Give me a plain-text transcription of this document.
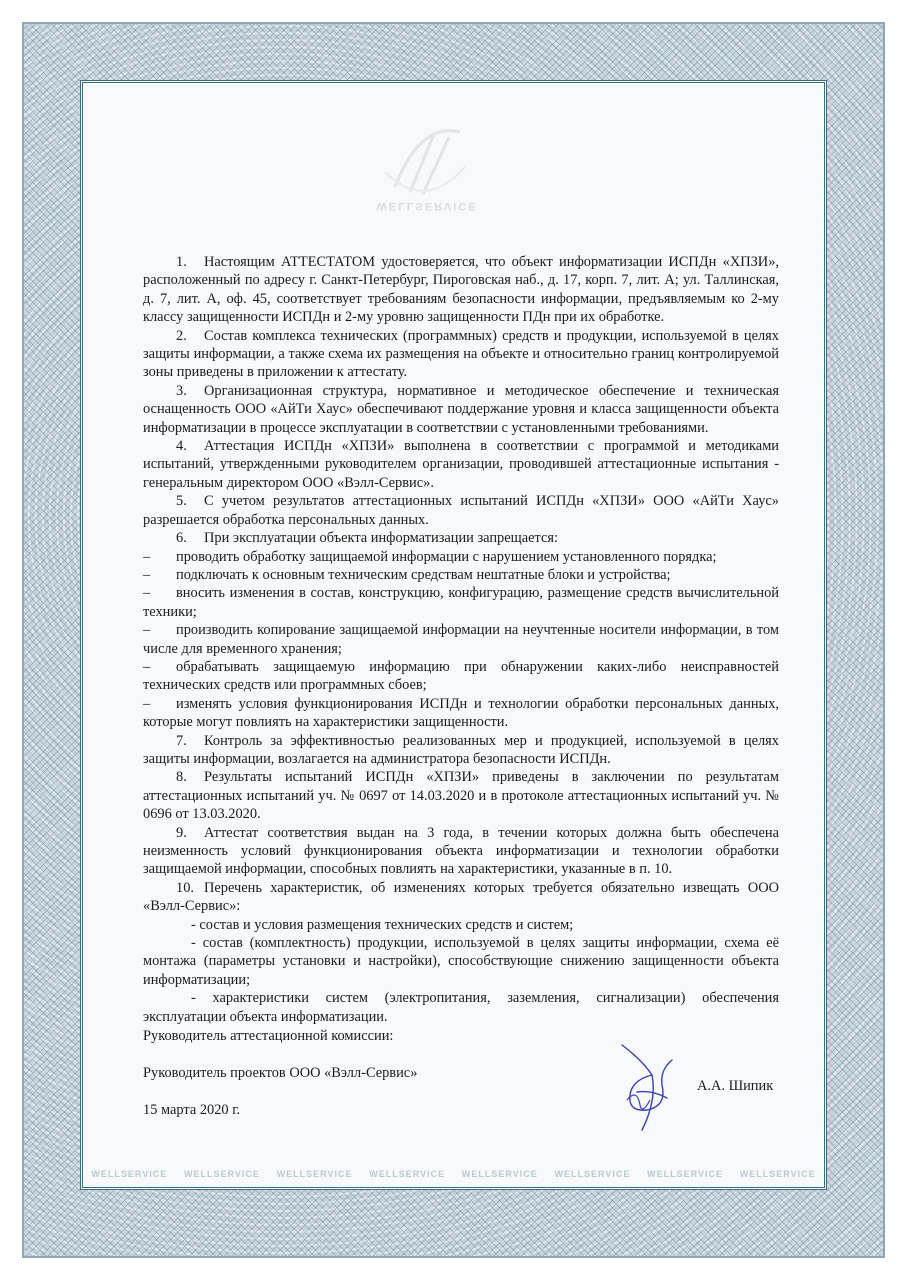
WELLSERVICE

1. Настоящим АТТЕСТАТОМ удостоверяется, что объект информатизации ИСПДн «ХПЗИ», расположенный по адресу г. Санкт-Петербург, Пироговская наб., д. 17, корп. 7, лит. А; ул. Таллинская, д. 7, лит. А, оф. 45, соответствует требованиям безопасности информации, предъявляемым ко 2-му классу защищенности ИСПДн и 2-му уровню защищенности ПДн при их обработке.

2. Состав комплекса технических (программных) средств и продукции, используемой в целях защиты информации, а также схема их размещения на объекте и относительно границ контролируемой зоны приведены в приложении к аттестату.

3. Организационная структура, нормативное и методическое обеспечение и техническая оснащенность ООО «АйТи Хаус» обеспечивают поддержание уровня и класса защищенности объекта информатизации в процессе эксплуатации в соответствии с установленными требованиями.

4. Аттестация ИСПДн «ХПЗИ» выполнена в соответствии с программой и методиками испытаний, утвержденными руководителем организации, проводившей аттестационные испытания - генеральным директором ООО «Вэлл-Сервис».

5. С учетом результатов аттестационных испытаний ИСПДн «ХПЗИ» ООО «АйТи Хаус» разрешается обработка персональных данных.

6. При эксплуатации объекта информатизации запрещается:

– проводить обработку защищаемой информации с нарушением установленного порядка;

– подключать к основным техническим средствам нештатные блоки и устройства;

– вносить изменения в состав, конструкцию, конфигурацию, размещение средств вычислительной техники;

– производить копирование защищаемой информации на неучтенные носители информации, в том числе для временного хранения;

– обрабатывать защищаемую информацию при обнаружении каких-либо неисправностей технических средств или программных сбоев;

– изменять условия функционирования ИСПДн и технологии обработки персональных данных, которые могут повлиять на характеристики защищенности.

7. Контроль за эффективностью реализованных мер и продукцией, используемой в целях защиты информации, возлагается на администратора безопасности ИСПДн.

8. Результаты испытаний ИСПДн «ХПЗИ» приведены в заключении по результатам аттестационных испытаний уч. № 0697 от 14.03.2020 и в протоколе аттестационных испытаний уч. № 0696 от 13.03.2020.

9. Аттестат соответствия выдан на 3 года, в течении которых должна быть обеспечена неизменность условий функционирования объекта информатизации и технологии обработки защищаемой информации, способных повлиять на характеристики, указанные в п. 10.

10. Перечень характеристик, об изменениях которых требуется обязательно извещать ООО «Вэлл-Сервис»:

- состав и условия размещения технических средств и систем;

- состав (комплектность) продукции, используемой в целях защиты информации, схема её монтажа (параметры установки и настройки), способствующие снижению защищенности объекта информатизации;

- характеристики систем (электропитания, заземления, сигнализации) обеспечения эксплуатации объекта информатизации.

Руководитель аттестационной комиссии:
Руководитель проектов ООО «Вэлл-Сервис»
А.А. Шипик
15 марта 2020 г.
WELLSERVICE WELLSERVICE WELLSERVICE WELLSERVICE WELLSERVICE WELLSERVICE WELLSERVICE WELLSERVICE
